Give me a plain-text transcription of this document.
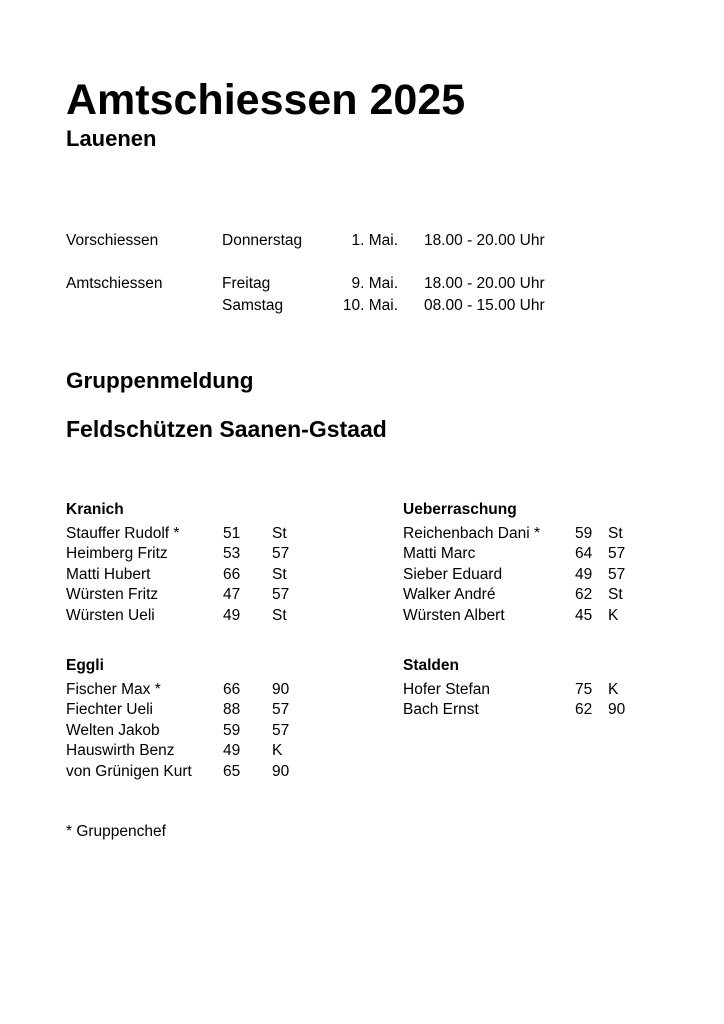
Amtschiessen 2025
Lauenen
Vorschiessen	Donnerstag	1. Mai.	18.00 - 20.00 Uhr
Amtschiessen	Freitag	9. Mai.	18.00 - 20.00 Uhr
Samstag	10. Mai.	08.00 - 15.00 Uhr
Gruppenmeldung
Feldschützen Saanen-Gstaad
Kranich
Stauffer Rudolf *	51	St
Heimberg Fritz	53	57
Matti Hubert	66	St
Würsten Fritz	47	57
Würsten Ueli	49	St
Ueberraschung
Reichenbach Dani *	59	St
Matti Marc	64	57
Sieber Eduard	49	57
Walker André	62	St
Würsten Albert	45	K
Eggli
Fischer Max *	66	90
Fiechter Ueli	88	57
Welten Jakob	59	57
Hauswirth Benz	49	K
von Grünigen Kurt	65	90
Stalden
Hofer Stefan	75	K
Bach Ernst	62	90
* Gruppenchef
